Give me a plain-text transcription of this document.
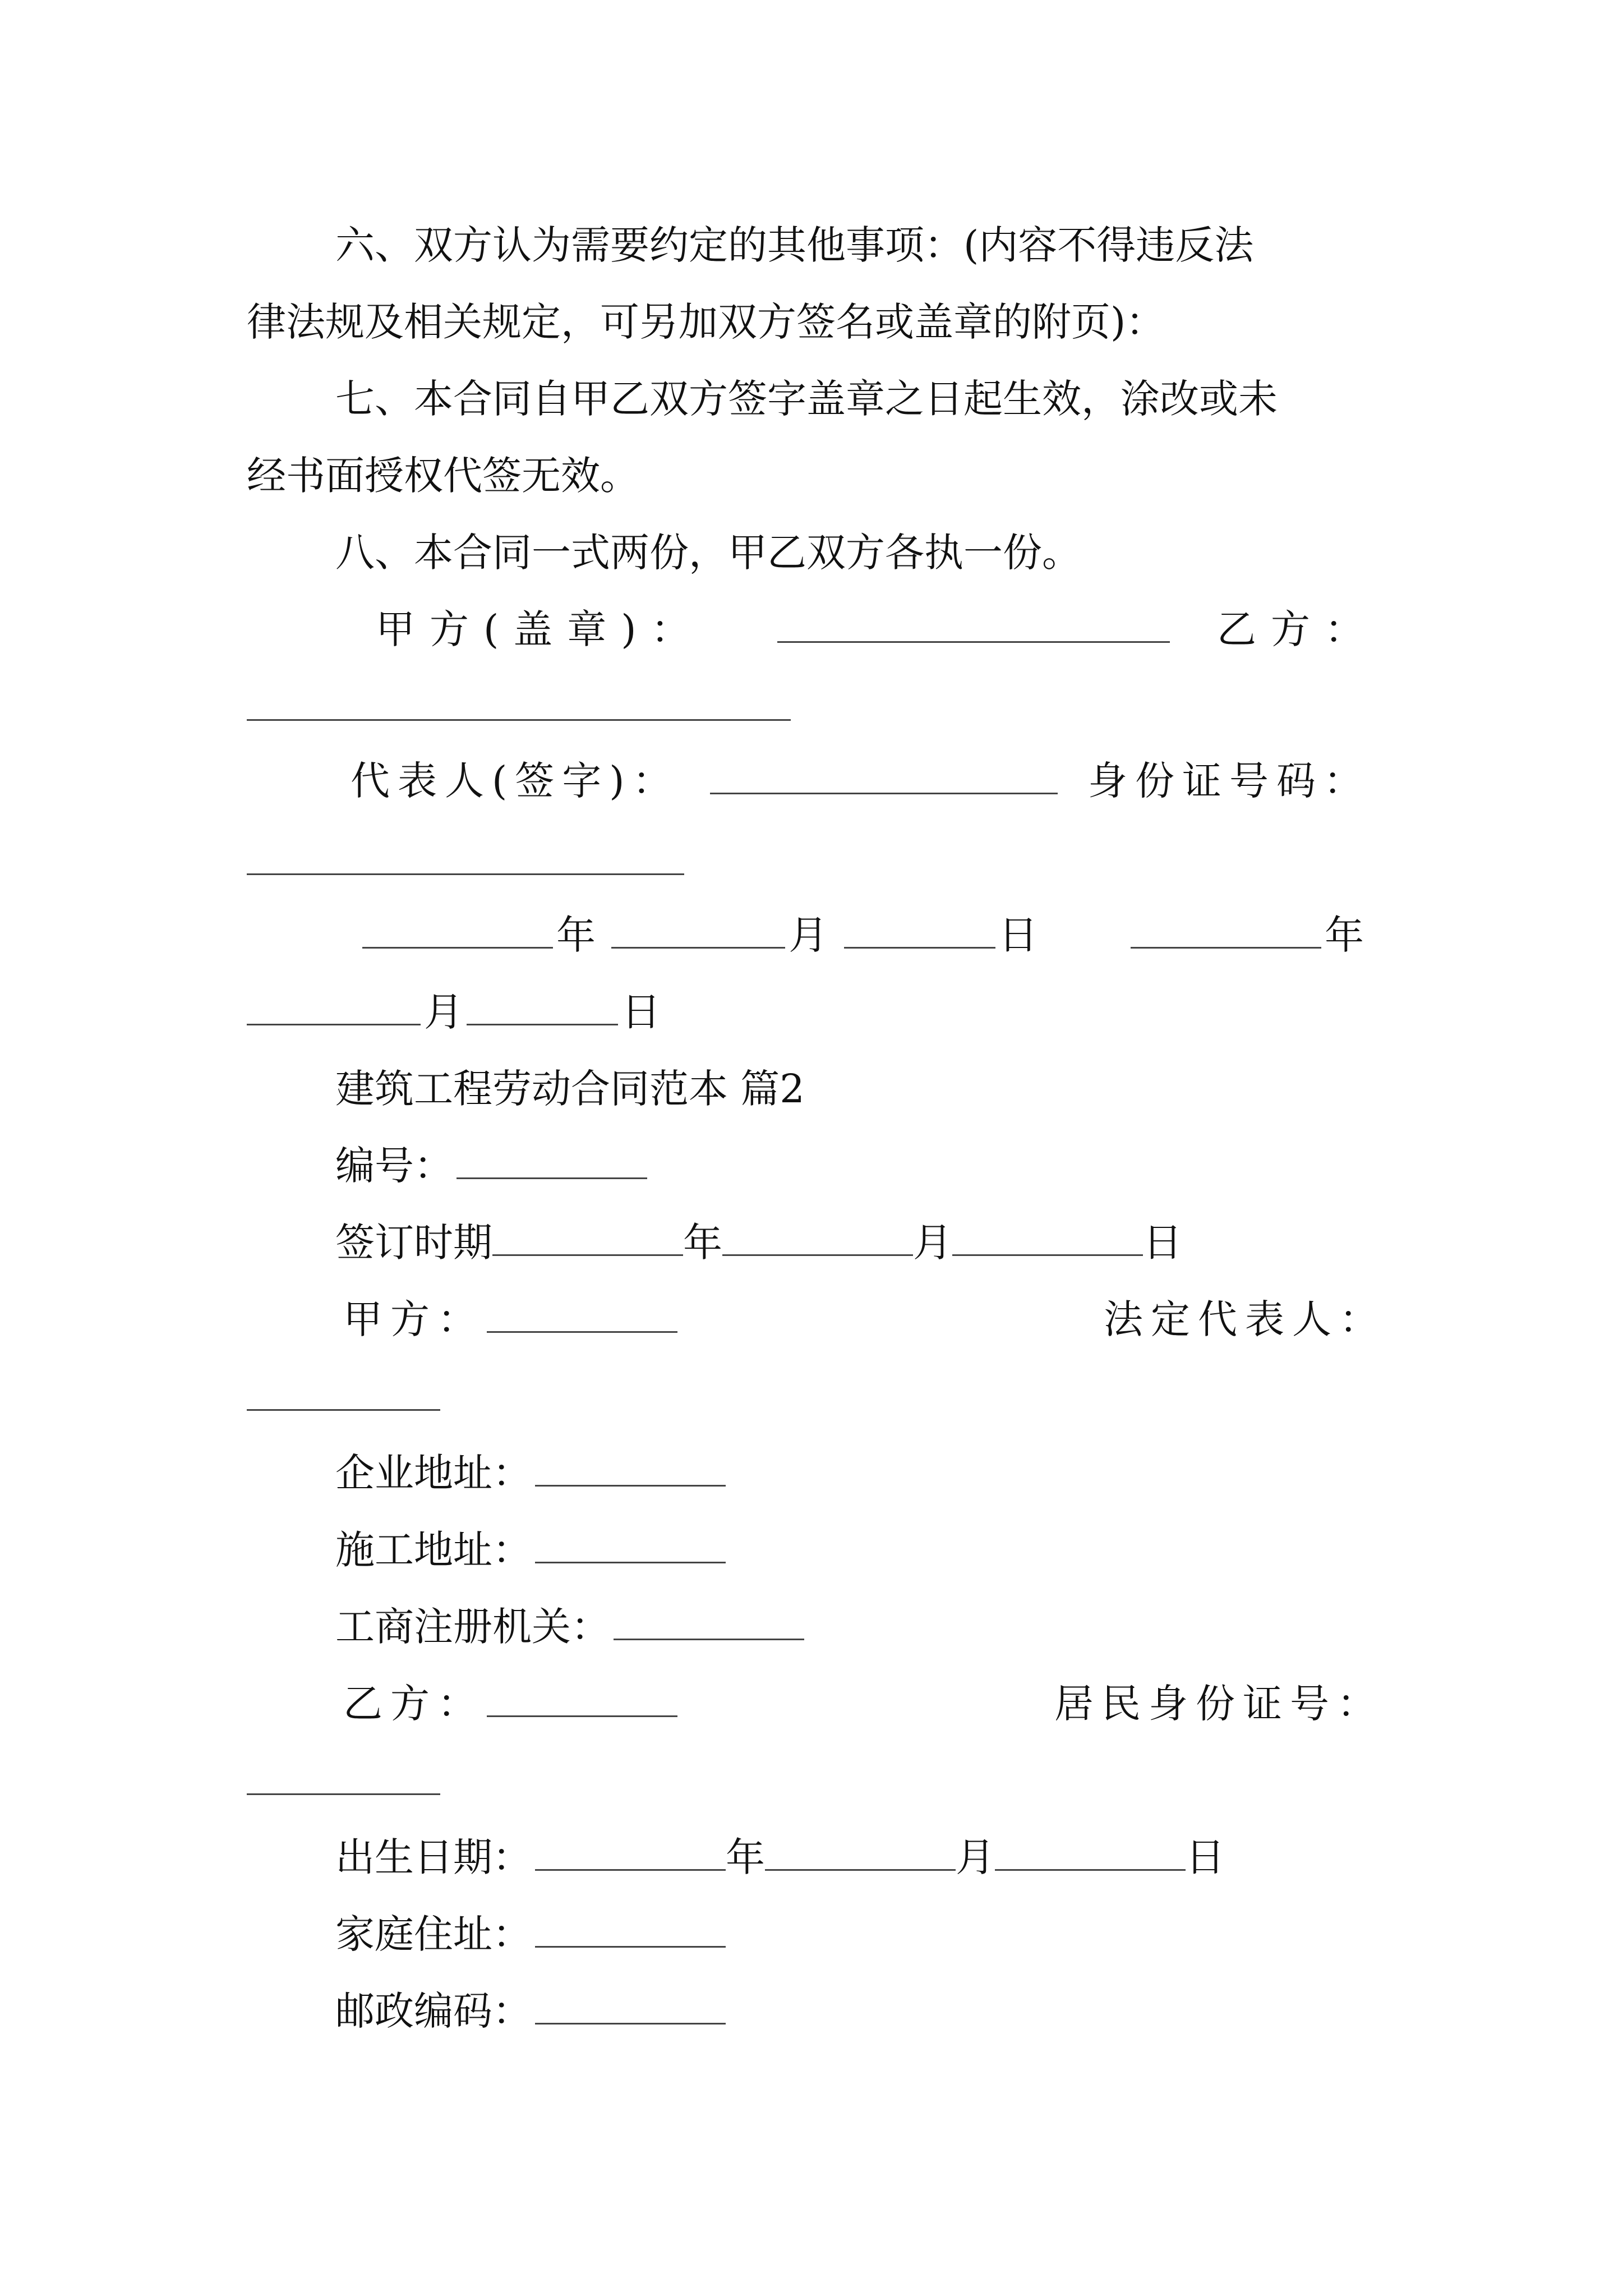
六、双方认为需要约定的其他事项：(内容不得违反法
律法规及相关规定，可另加双方签名或盖章的附页)：
七、本合同自甲乙双方签字盖章之日起生效，涂改或未
经书面授权代签无效。
八、本合同一式两份，甲乙双方各执一份。
甲方(盖章)：	乙方：
代表人(签字)：	身份证号码：
年	月	日	年
月	日
建筑工程劳动合同范本 篇2
编号：
签订时期	年	月	日
甲方：	法定代表人：
企业地址：
施工地址：
工商注册机关：
乙方：	居民身份证号：
出生日期：	年	月	日
家庭住址：
邮政编码：
